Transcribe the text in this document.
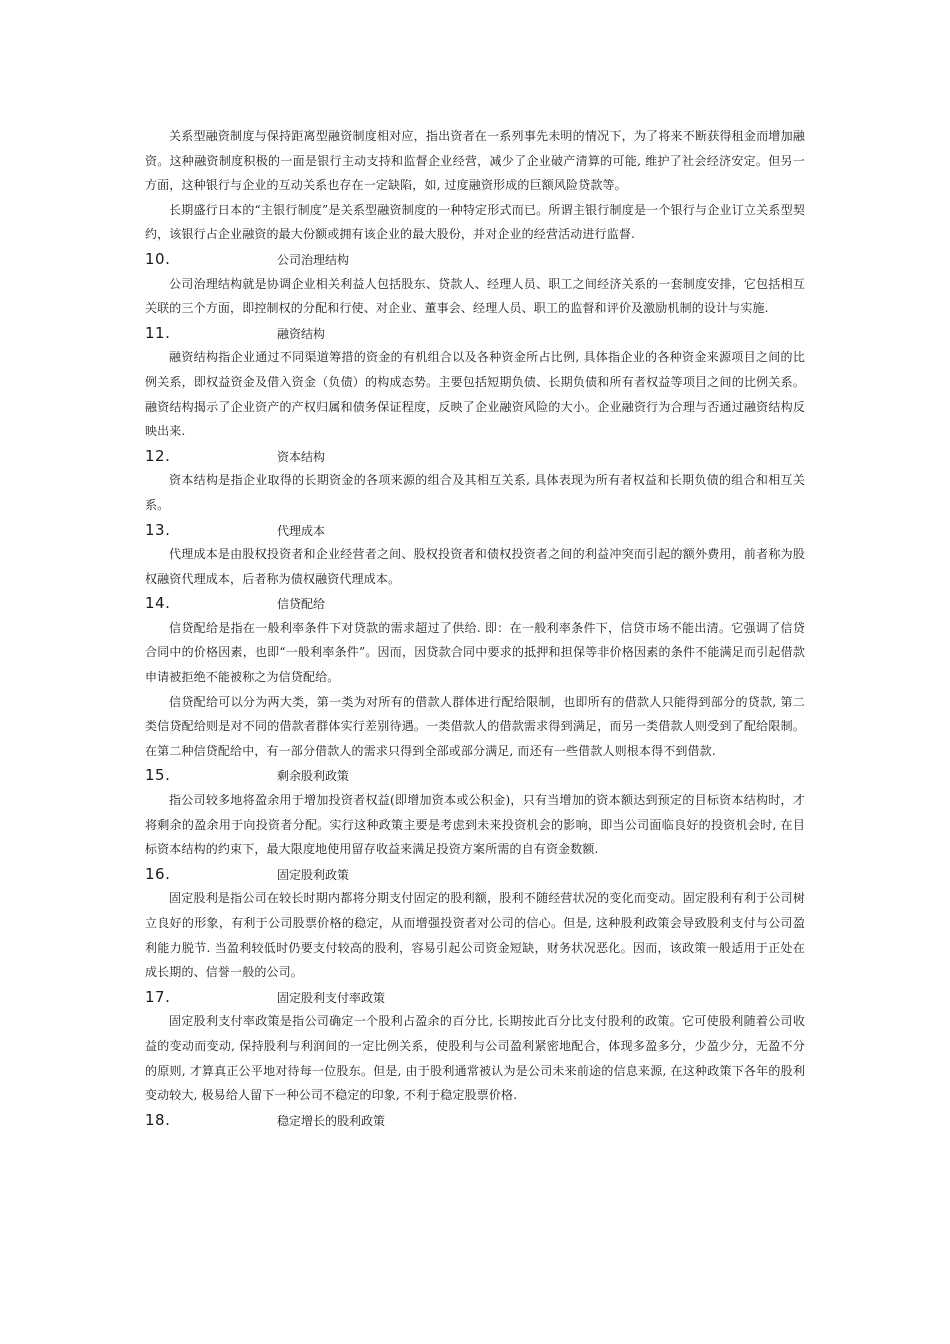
关系型融资制度与保持距离型融资制度相对应，指出资者在一系列事先未明的情况下，为了将来不断获得租金而增加融资。这种融资制度积极的一面是银行主动支持和监督企业经营，减少了企业破产清算的可能, 维护了社会经济安定。但另一方面，这种银行与企业的互动关系也存在一定缺陷，如, 过度融资形成的巨额风险贷款等。

长期盛行日本的“主银行制度”是关系型融资制度的一种特定形式而已。所谓主银行制度是一个银行与企业订立关系型契约，该银行占企业融资的最大份额或拥有该企业的最大股份，并对企业的经营活动进行监督.

10.	公司治理结构

公司治理结构就是协调企业相关利益人包括股东、贷款人、经理人员、职工之间经济关系的一套制度安排，它包括相互关联的三个方面，即控制权的分配和行使、对企业、董事会、经理人员、职工的监督和评价及激励机制的设计与实施.

11.	融资结构

融资结构指企业通过不同渠道筹措的资金的有机组合以及各种资金所占比例, 具体指企业的各种资金来源项目之间的比例关系，即权益资金及借入资金（负债）的构成态势。主要包括短期负债、长期负债和所有者权益等项目之间的比例关系。融资结构揭示了企业资产的产权归属和债务保证程度，反映了企业融资风险的大小。企业融资行为合理与否通过融资结构反映出来.

12.	资本结构

资本结构是指企业取得的长期资金的各项来源的组合及其相互关系, 具体表现为所有者权益和长期负债的组合和相互关系。

13.	代理成本

代理成本是由股权投资者和企业经营者之间、股权投资者和债权投资者之间的利益冲突而引起的额外费用，前者称为股权融资代理成本，后者称为债权融资代理成本。

14.	信贷配给

信贷配给是指在一般利率条件下对贷款的需求超过了供给. 即：在一般利率条件下，信贷市场不能出清。它强调了信贷合同中的价格因素，也即“一般利率条件”。因而，因贷款合同中要求的抵押和担保等非价格因素的条件不能满足而引起借款申请被拒绝不能被称之为信贷配给。

信贷配给可以分为两大类，第一类为对所有的借款人群体进行配给限制，也即所有的借款人只能得到部分的贷款, 第二类信贷配给则是对不同的借款者群体实行差别待遇。一类借款人的借款需求得到满足，而另一类借款人则受到了配给限制。在第二种信贷配给中，有一部分借款人的需求只得到全部或部分满足, 而还有一些借款人则根本得不到借款.

15.	剩余股利政策

指公司较多地将盈余用于增加投资者权益(即增加资本或公积金)，只有当增加的资本额达到预定的目标资本结构时，才将剩余的盈余用于向投资者分配。实行这种政策主要是考虑到未来投资机会的影响，即当公司面临良好的投资机会时, 在目标资本结构的约束下，最大限度地使用留存收益来满足投资方案所需的自有资金数额.

16.	固定股利政策

固定股利是指公司在较长时期内都将分期支付固定的股利额，股利不随经营状况的变化而变动。固定股利有利于公司树立良好的形象，有利于公司股票价格的稳定，从而增强投资者对公司的信心。但是, 这种股利政策会导致股利支付与公司盈利能力脱节. 当盈利较低时仍要支付较高的股利，容易引起公司资金短缺，财务状况恶化。因而，该政策一般适用于正处在成长期的、信誉一般的公司。

17.	固定股利支付率政策

固定股利支付率政策是指公司确定一个股利占盈余的百分比, 长期按此百分比支付股利的政策。它可使股利随着公司收益的变动而变动, 保持股利与利润间的一定比例关系，使股利与公司盈利紧密地配合，体现多盈多分，少盈少分，无盈不分的原则, 才算真正公平地对待每一位股东。但是, 由于股利通常被认为是公司未来前途的信息来源, 在这种政策下各年的股利变动较大, 极易给人留下一种公司不稳定的印象, 不利于稳定股票价格.

18.	稳定增长的股利政策
